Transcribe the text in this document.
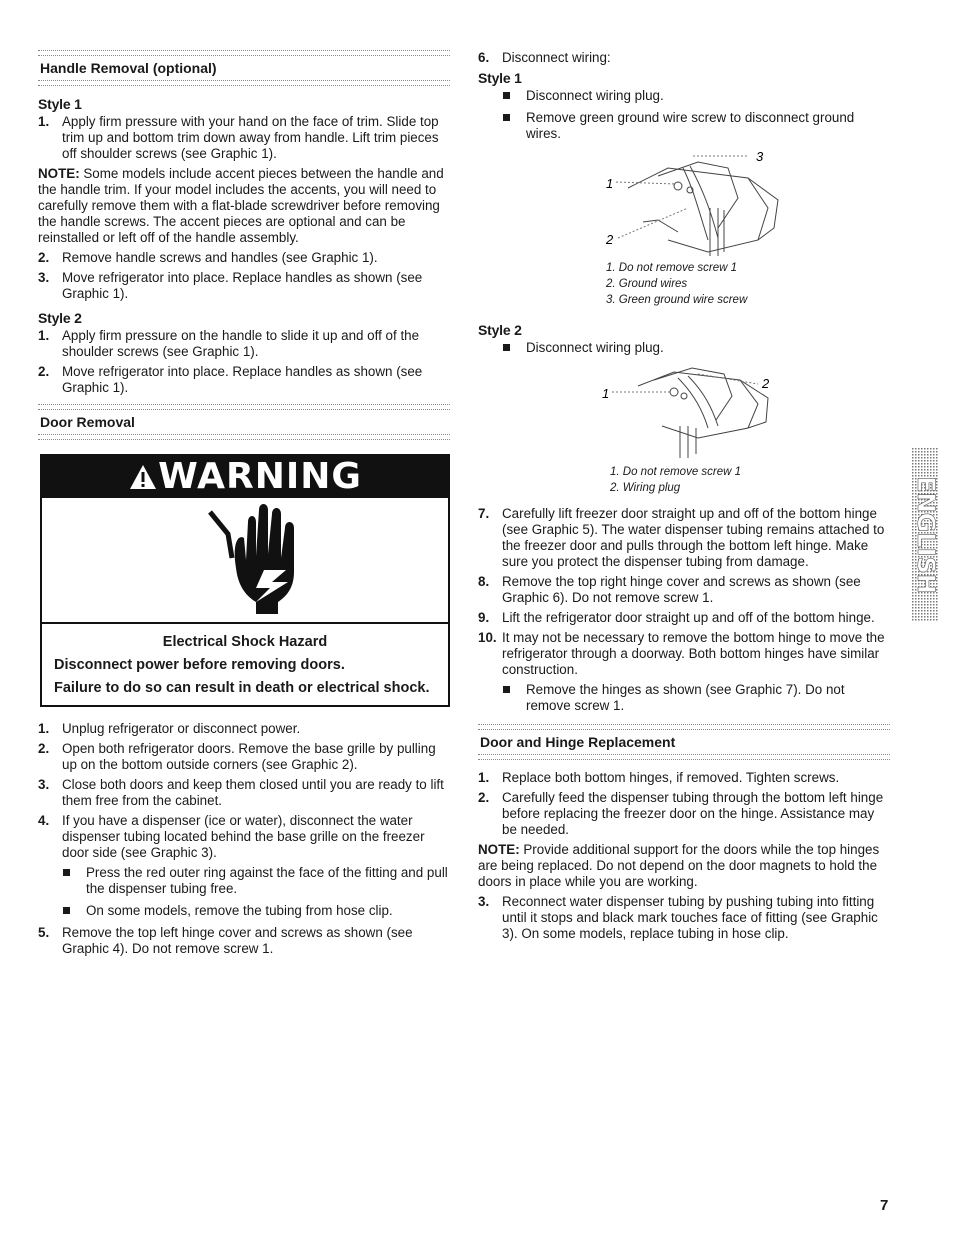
Handle Removal (optional)
Style 1
1. Apply firm pressure with your hand on the face of trim. Slide top trim up and bottom trim down away from handle. Lift trim pieces off shoulder screws (see Graphic 1).
NOTE: Some models include accent pieces between the handle and the handle trim. If your model includes the accents, you will need to carefully remove them with a flat-blade screwdriver before removing the handle screws. The accent pieces are optional and can be reinstalled or left off of the handle assembly.
2. Remove handle screws and handles (see Graphic 1).
3. Move refrigerator into place. Replace handles as shown (see Graphic 1).
Style 2
1. Apply firm pressure on the handle to slide it up and off of the shoulder screws (see Graphic 1).
2. Move refrigerator into place. Replace handles as shown (see Graphic 1).
Door Removal
WARNING
Electrical Shock Hazard
Disconnect power before removing doors.
Failure to do so can result in death or electrical shock.
1. Unplug refrigerator or disconnect power.
2. Open both refrigerator doors. Remove the base grille by pulling up on the bottom outside corners (see Graphic 2).
3. Close both doors and keep them closed until you are ready to lift them free from the cabinet.
4. If you have a dispenser (ice or water), disconnect the water dispenser tubing located behind the base grille on the freezer door side (see Graphic 3).
Press the red outer ring against the face of the fitting and pull the dispenser tubing free.
On some models, remove the tubing from hose clip.
5. Remove the top left hinge cover and screws as shown (see Graphic 4). Do not remove screw 1.
6. Disconnect wiring:
Style 1
Disconnect wiring plug.
Remove green ground wire screw to disconnect ground wires.
1
2
3
1. Do not remove screw 1
2. Ground wires
3. Green ground wire screw
Style 2
Disconnect wiring plug.
1
2
1. Do not remove screw 1
2. Wiring plug
7. Carefully lift freezer door straight up and off of the bottom hinge (see Graphic 5). The water dispenser tubing remains attached to the freezer door and pulls through the bottom left hinge. Make sure you protect the dispenser tubing from damage.
8. Remove the top right hinge cover and screws as shown (see Graphic 6). Do not remove screw 1.
9. Lift the refrigerator door straight up and off of the bottom hinge.
10. It may not be necessary to remove the bottom hinge to move the refrigerator through a doorway. Both bottom hinges have similar construction.
Remove the hinges as shown (see Graphic 7). Do not remove screw 1.
Door and Hinge Replacement
1. Replace both bottom hinges, if removed. Tighten screws.
2. Carefully feed the dispenser tubing through the bottom left hinge before replacing the freezer door on the hinge. Assistance may be needed.
NOTE: Provide additional support for the doors while the top hinges are being replaced. Do not depend on the door magnets to hold the doors in place while you are working.
3. Reconnect water dispenser tubing by pushing tubing into fitting until it stops and black mark touches face of fitting (see Graphic 3). On some models, replace tubing in hose clip.
ENGLISH
7
